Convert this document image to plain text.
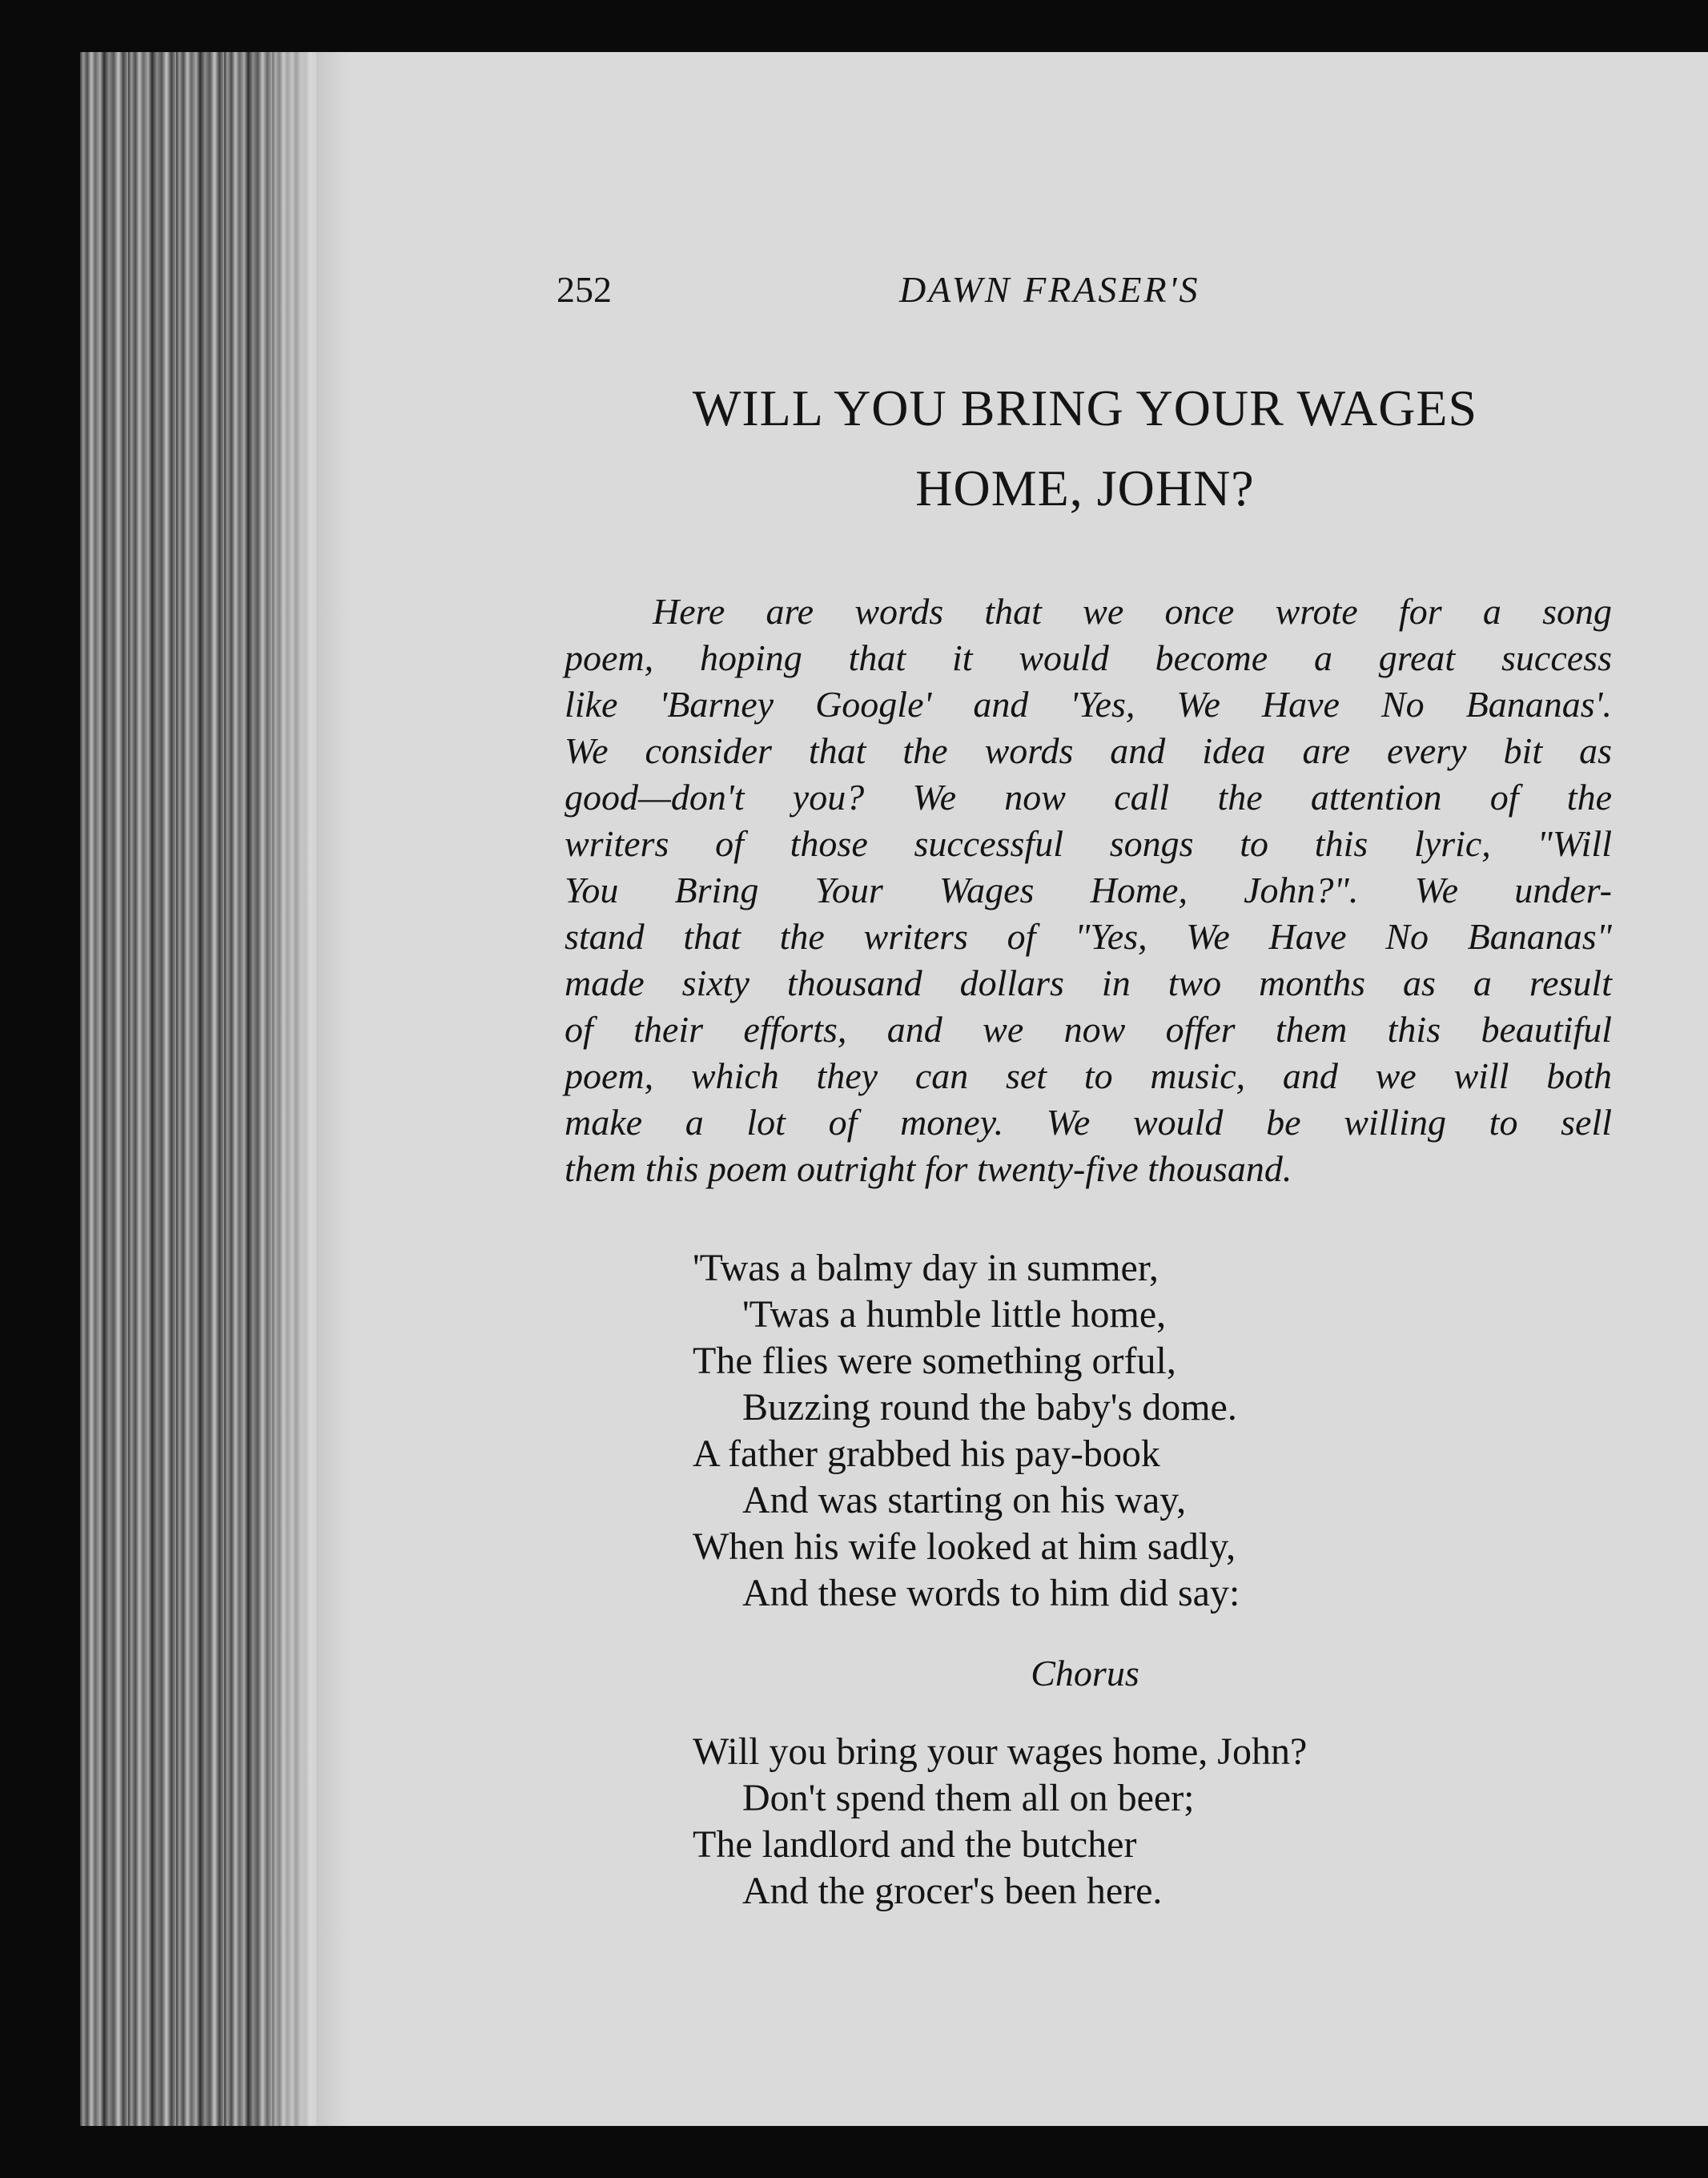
252	DAWN FRASER'S
WILL YOU BRING YOUR WAGES
HOME, JOHN?
Here are words that we once wrote for a song
poem, hoping that it would become a great success
like 'Barney Google' and 'Yes, We Have No Bananas'.
We consider that the words and idea are every bit as
good—don't you? We now call the attention of the
writers of those successful songs to this lyric, "Will
You Bring Your Wages Home, John?". We under-
stand that the writers of "Yes, We Have No Bananas"
made sixty thousand dollars in two months as a result
of their efforts, and we now offer them this beautiful
poem, which they can set to music, and we will both
make a lot of money. We would be willing to sell
them this poem outright for twenty-five thousand.
'Twas a balmy day in summer,
'Twas a humble little home,
The flies were something orful,
Buzzing round the baby's dome.
A father grabbed his pay-book
And was starting on his way,
When his wife looked at him sadly,
And these words to him did say:
Chorus
Will you bring your wages home, John?
Don't spend them all on beer;
The landlord and the butcher
And the grocer's been here.
